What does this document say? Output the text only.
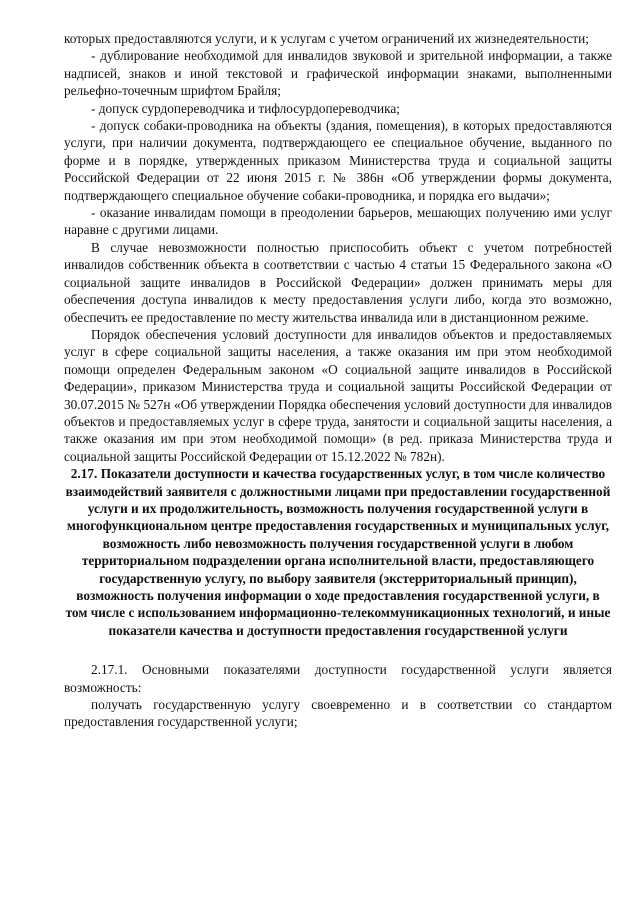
которых предоставляются услуги, и к услугам с учетом ограничений их жизнедеятельности;

- дублирование необходимой для инвалидов звуковой и зрительной информации, а также надписей, знаков и иной текстовой и графической информации знаками, выполненными рельефно-точечным шрифтом Брайля;

- допуск сурдопереводчика и тифлосурдопереводчика;

- допуск собаки-проводника на объекты (здания, помещения), в которых предоставляются услуги, при наличии документа, подтверждающего ее специальное обучение, выданного по форме и в порядке, утвержденных приказом Министерства труда и социальной защиты Российской Федерации от 22 июня 2015 г. № 386н «Об утверждении формы документа, подтверждающего специальное обучение собаки-проводника, и порядка его выдачи»;

- оказание инвалидам помощи в преодолении барьеров, мешающих получению ими услуг наравне с другими лицами.

В случае невозможности полностью приспособить объект с учетом потребностей инвалидов собственник объекта в соответствии с частью 4 статьи 15 Федерального закона «О социальной защите инвалидов в Российской Федерации» должен принимать меры для обеспечения доступа инвалидов к месту предоставления услуги либо, когда это возможно, обеспечить ее предоставление по месту жительства инвалида или в дистанционном режиме.

Порядок обеспечения условий доступности для инвалидов объектов и предоставляемых услуг в сфере социальной защиты населения, а также оказания им при этом необходимой помощи определен Федеральным законом «О социальной защите инвалидов в Российской Федерации», приказом Министерства труда и социальной защиты Российской Федерации от 30.07.2015 № 527н «Об утверждении Порядка обеспечения условий доступности для инвалидов объектов и предоставляемых услуг в сфере труда, занятости и социальной защиты населения, а также оказания им при этом необходимой помощи» (в ред. приказа Министерства труда и социальной защиты Российской Федерации от 15.12.2022 № 782н).

2.17. Показатели доступности и качества государственных услуг, в том числе количество взаимодействий заявителя с должностными лицами при предоставлении государственной услуги и их продолжительность, возможность получения государственной услуги в многофункциональном центре предоставления государственных и муниципальных услуг, возможность либо невозможность получения государственной услуги в любом территориальном подразделении органа исполнительной власти, предоставляющего государственную услугу, по выбору заявителя (экстерриториальный принцип), возможность получения информации о ходе предоставления государственной услуги, в том числе с использованием информационно-телекоммуникационных технологий, и иные показатели качества и доступности предоставления государственной услуги

2.17.1. Основными показателями доступности государственной услуги является возможность:

получать государственную услугу своевременно и в соответствии со стандартом предоставления государственной услуги;
